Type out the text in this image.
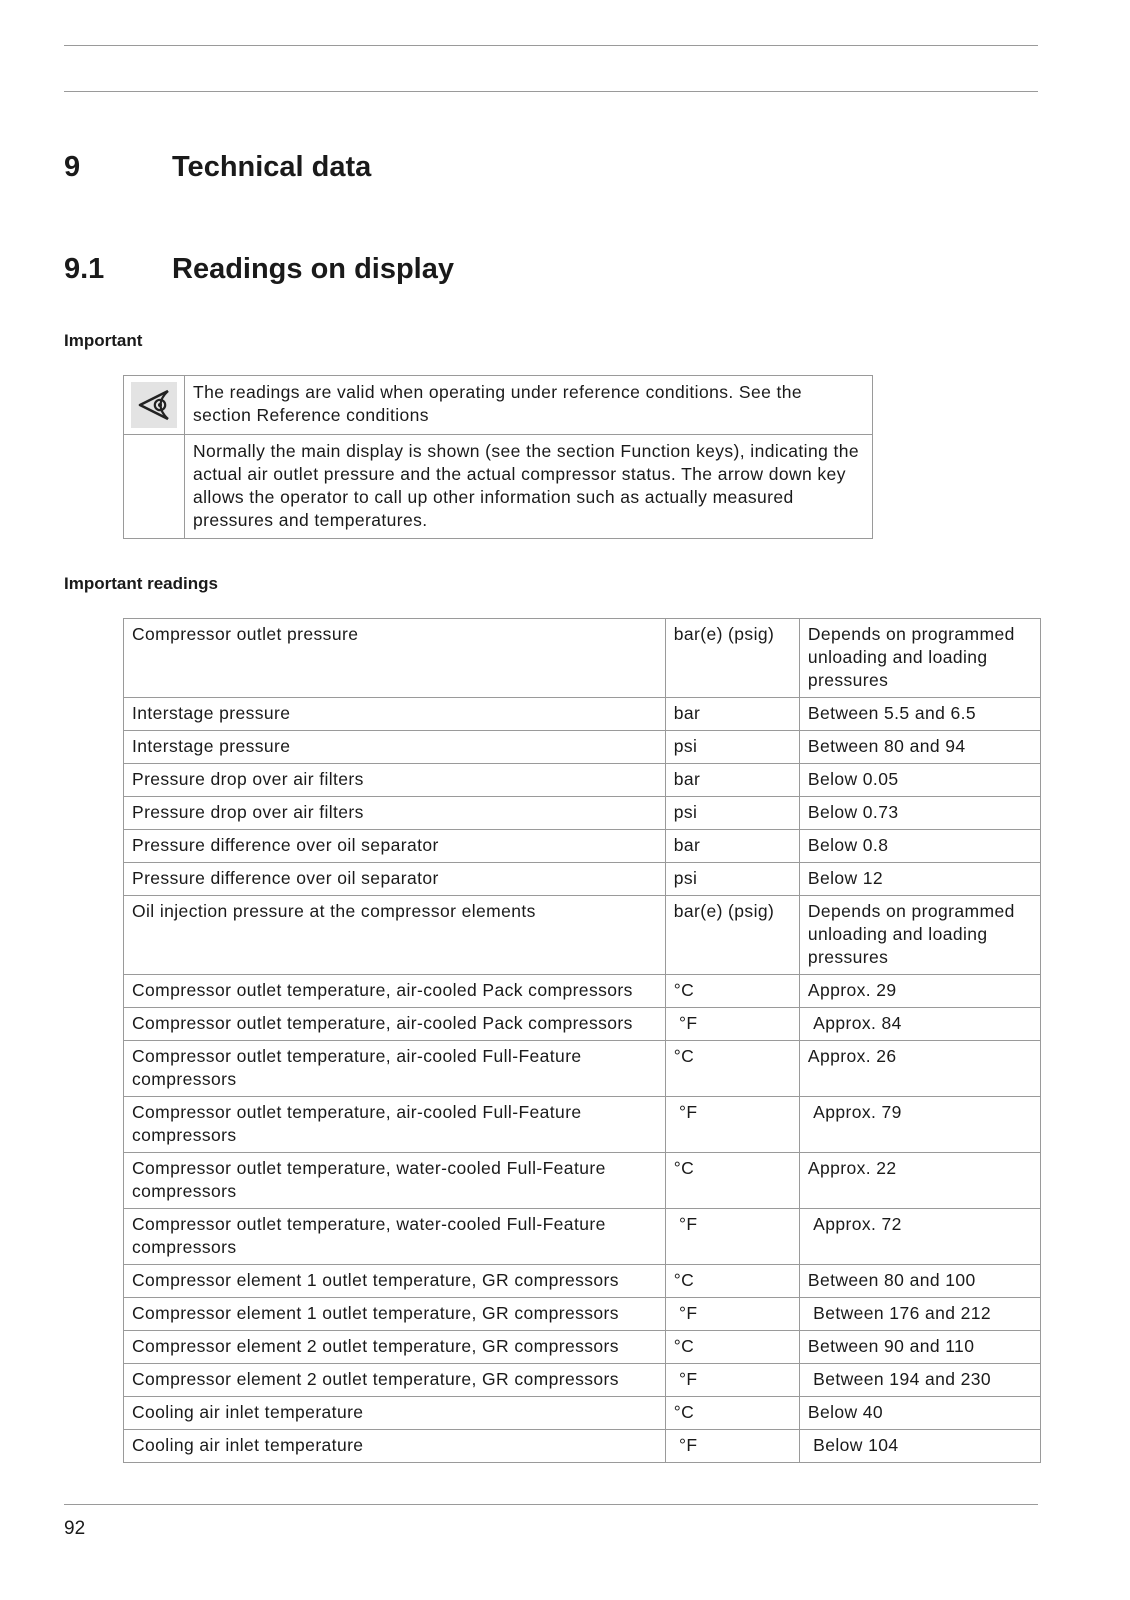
9	Technical data
9.1 Readings on display
Important
	The readings are valid when operating under reference conditions. See the section Reference conditions
	Normally the main display is shown (see the section Function keys), indicating the actual air outlet pressure and the actual compressor status. The arrow down key allows the operator to call up other information such as actually measured pressures and temperatures.
Important readings
Compressor outlet pressure	bar(e) (psig)	Depends on programmed unloading and loading pressures
Interstage pressure	bar	Between 5.5 and 6.5
Interstage pressure	psi	Between 80 and 94
Pressure drop over air filters	bar	Below 0.05
Pressure drop over air filters	psi	Below 0.73
Pressure difference over oil separator	bar	Below 0.8
Pressure difference over oil separator	psi	Below 12
Oil injection pressure at the compressor elements	bar(e) (psig)	Depends on programmed unloading and loading pressures
Compressor outlet temperature, air-cooled Pack compressors	°C	Approx. 29
Compressor outlet temperature, air-cooled Pack compressors	°F	Approx. 84
Compressor outlet temperature, air-cooled Full-Feature compressors	°C	Approx. 26
Compressor outlet temperature, air-cooled Full-Feature compressors	°F	Approx. 79
Compressor outlet temperature, water-cooled Full-Feature compressors	°C	Approx. 22
Compressor outlet temperature, water-cooled Full-Feature compressors	°F	Approx. 72
Compressor element 1 outlet temperature, GR compressors	°C	Between 80 and 100
Compressor element 1 outlet temperature, GR compressors	°F	Between 176 and 212
Compressor element 2 outlet temperature, GR compressors	°C	Between 90 and 110
Compressor element 2 outlet temperature, GR compressors	°F	Between 194 and 230
Cooling air inlet temperature	°C	Below 40
Cooling air inlet temperature	°F	Below 104
92
